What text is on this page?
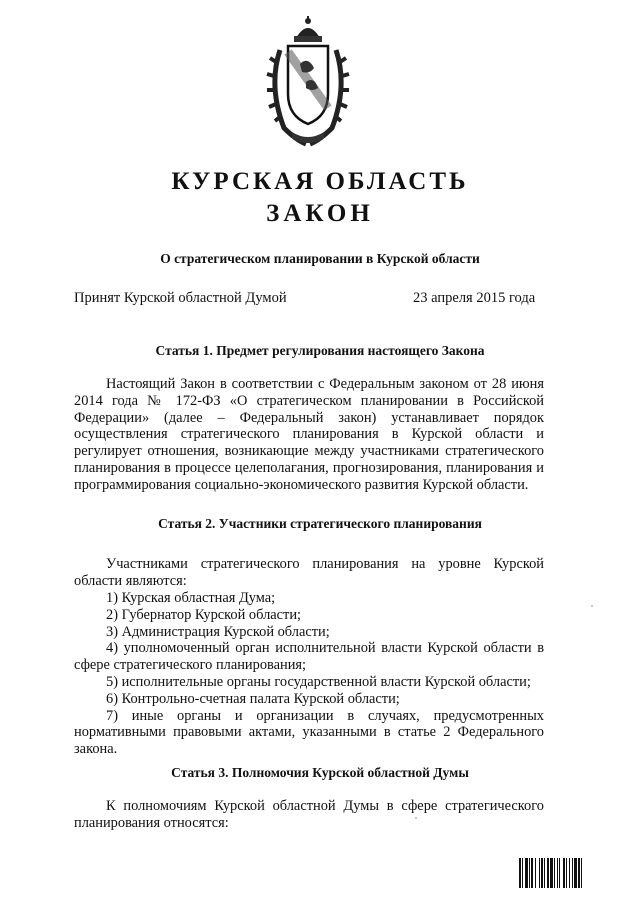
КУРСКАЯ ОБЛАСТЬ
ЗАКОН
О стратегическом планировании в Курской области
Принят Курской областной Думой	23 апреля 2015 года
Статья 1. Предмет регулирования настоящего Закона
Настоящий Закон в соответствии с Федеральным законом от 28 июня 2014 года № 172-ФЗ «О стратегическом планировании в Российской Федерации» (далее – Федеральный закон) устанавливает порядок осуществления стратегического планирования в Курской области и регулирует отношения, возникающие между участниками стратегического планирования в процессе целеполагания, прогнозирования, планирования и программирования социально-экономического развития Курской области.
Статья 2. Участники стратегического планирования
Участниками стратегического планирования на уровне Курской области являются:
1) Курская областная Дума;
2) Губернатор Курской области;
3) Администрация Курской области;
4) уполномоченный орган исполнительной власти Курской области в сфере стратегического планирования;
5) исполнительные органы государственной власти Курской области;
6) Контрольно-счетная палата Курской области;
7) иные органы и организации в случаях, предусмотренных нормативными правовыми актами, указанными в статье 2 Федерального закона.
Статья 3. Полномочия Курской областной Думы
К полномочиям Курской областной Думы в сфере стратегического планирования относятся:
